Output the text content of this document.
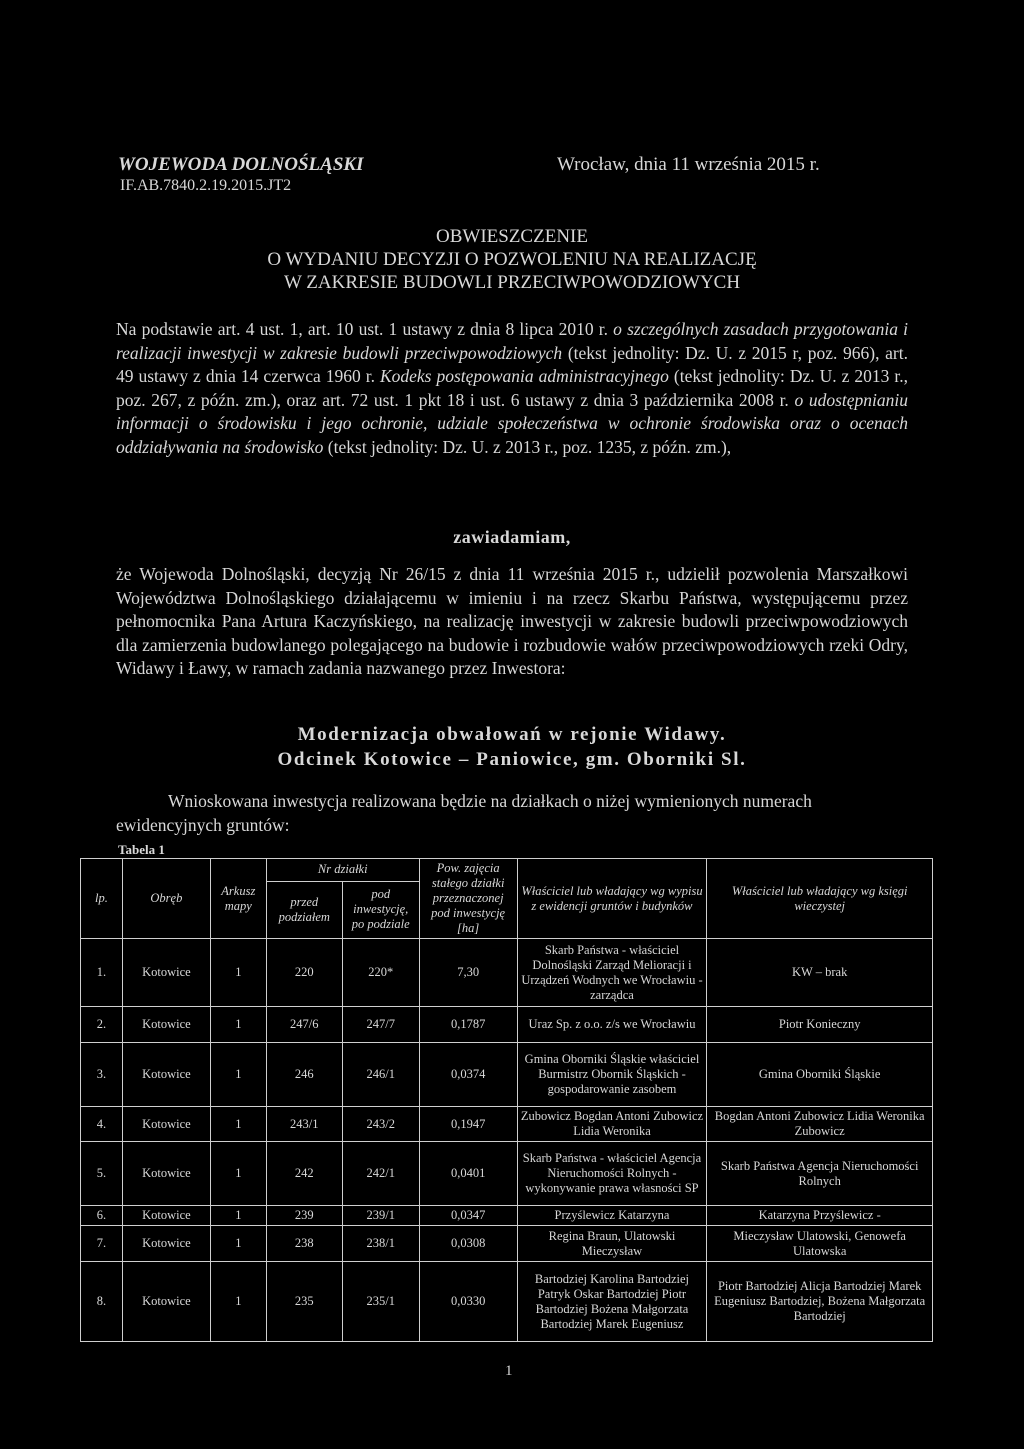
WOJEWODA DOLNOŚLĄSKI
IF.AB.7840.2.19.2015.JT2
Wrocław, dnia 11 września 2015 r.
OBWIESZCZENIE
O WYDANIU DECYZJI O POZWOLENIU NA REALIZACJĘ
W ZAKRESIE BUDOWLI PRZECIWPOWODZIOWYCH
Na podstawie art. 4 ust. 1, art. 10 ust. 1 ustawy z dnia 8 lipca 2010 r. o szczególnych zasadach przygotowania i realizacji inwestycji w zakresie budowli przeciwpowodziowych (tekst jednolity: Dz. U. z 2015 r, poz. 966), art. 49 ustawy z dnia 14 czerwca 1960 r. Kodeks postępowania administracyjnego (tekst jednolity: Dz. U. z 2013 r., poz. 267, z późn. zm.), oraz art. 72 ust. 1 pkt 18 i ust. 6 ustawy z dnia 3 października 2008 r. o udostępnianiu informacji o środowisku i jego ochronie, udziale społeczeństwa w ochronie środowiska oraz o ocenach oddziaływania na środowisko (tekst jednolity: Dz. U. z 2013 r., poz. 1235, z późn. zm.),
zawiadamiam,
że Wojewoda Dolnośląski, decyzją Nr 26/15 z dnia 11 września 2015 r., udzielił pozwolenia Marszałkowi Województwa Dolnośląskiego działającemu w imieniu i na rzecz Skarbu Państwa, występującemu przez pełnomocnika Pana Artura Kaczyńskiego, na realizację inwestycji w zakresie budowli przeciwpowodziowych dla zamierzenia budowlanego polegającego na budowie i rozbudowie wałów przeciwpowodziowych rzeki Odry, Widawy i Ławy, w ramach zadania nazwanego przez Inwestora:
Modernizacja obwałowań w rejonie Widawy.
Odcinek Kotowice – Paniowice, gm. Oborniki Sl.
Wnioskowana inwestycja realizowana będzie na działkach o niżej wymienionych numerach
ewidencyjnych gruntów:
Tabela 1
lp.	Obręb	Arkusz mapy	Nr działki		Pow. zajęcia stałego działki przeznaczonej pod inwestycję [ha]	Właściciel lub władający wg wypisu z ewidencji gruntów i budynków	Właściciel lub władający wg księgi wieczystej
			przed podziałem	pod inwestycję, po podziale			
1.	Kotowice	1	220	220*	7,30	Skarb Państwa - właściciel Dolnośląski Zarząd Melioracji i Urządzeń Wodnych we Wrocławiu - zarządca	KW – brak
2.	Kotowice	1	247/6	247/7	0,1787	Uraz Sp. z o.o. z/s we Wrocławiu	Piotr Konieczny
3.	Kotowice	1	246	246/1	0,0374	Gmina Oborniki Śląskie właściciel Burmistrz Obornik Śląskich - gospodarowanie zasobem	Gmina Oborniki Śląskie
4.	Kotowice	1	243/1	243/2	0,1947	Zubowicz Bogdan Antoni Zubowicz Lidia Weronika	Bogdan Antoni Zubowicz Lidia Weronika Zubowicz
5.	Kotowice	1	242	242/1	0,0401	Skarb Państwa - właściciel Agencja Nieruchomości Rolnych - wykonywanie prawa własności SP	Skarb Państwa Agencja Nieruchomości Rolnych
6.	Kotowice	1	239	239/1	0,0347	Przyślewicz Katarzyna	Katarzyna Przyślewicz -
7.	Kotowice	1	238	238/1	0,0308	Regina Braun, Ulatowski Mieczysław	Mieczysław Ulatowski, Genowefa Ulatowska
8.	Kotowice	1	235	235/1	0,0330	Bartodziej Karolina Bartodziej Patryk Oskar Bartodziej Piotr Bartodziej Bożena Małgorzata Bartodziej Marek Eugeniusz	Piotr Bartodziej Alicja Bartodziej Marek Eugeniusz Bartodziej, Bożena Małgorzata Bartodziej
1
